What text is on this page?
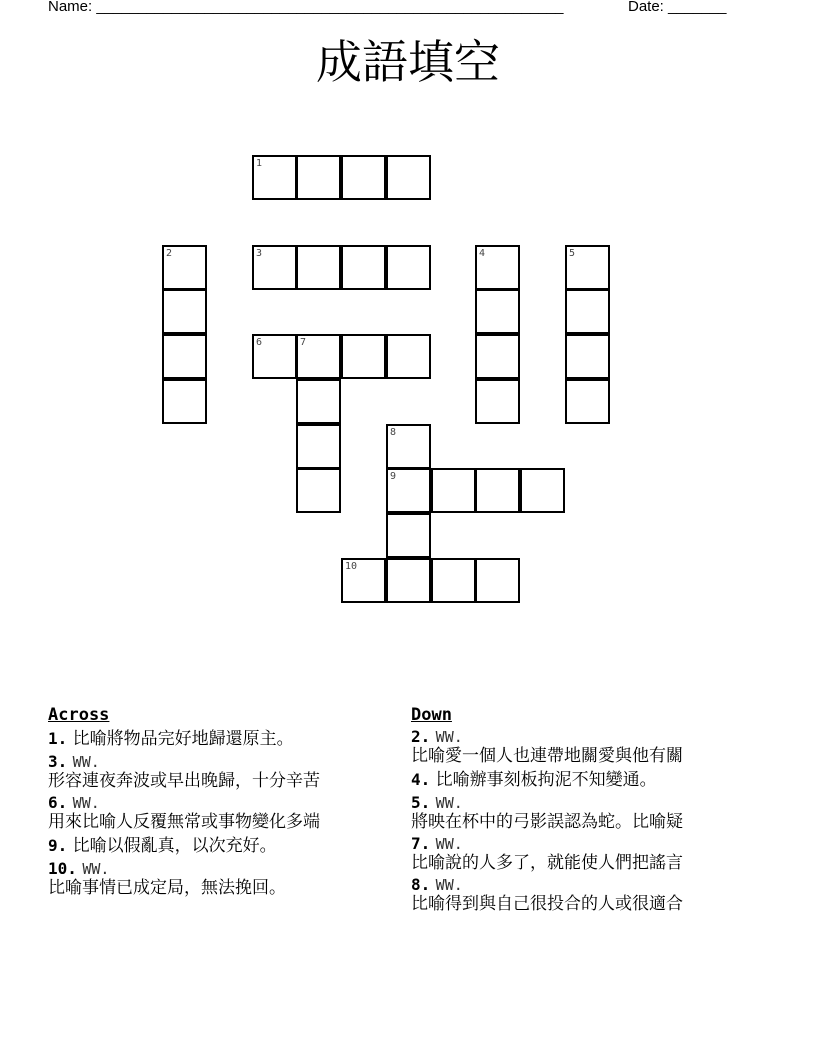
Name: ________________________________________________________	Date: _______
成語填空
1
2	3	4	5
6	7
8
9
10
Across
1. 比喻將物品完好地歸還原主。
3. WW.
形容連夜奔波或早出晚歸，十分辛苦
6. WW.
用來比喻人反覆無常或事物變化多端
9. 比喻以假亂真，以次充好。
10. WW.
比喻事情已成定局，無法挽回。
Down
2. WW.
比喻愛一個人也連帶地關愛與他有關
4. 比喻辦事刻板拘泥不知變通。
5. WW.
將映在杯中的弓影誤認為蛇。比喻疑
7. WW.
比喻說的人多了，就能使人們把謠言
8. WW.
比喻得到與自己很投合的人或很適合
